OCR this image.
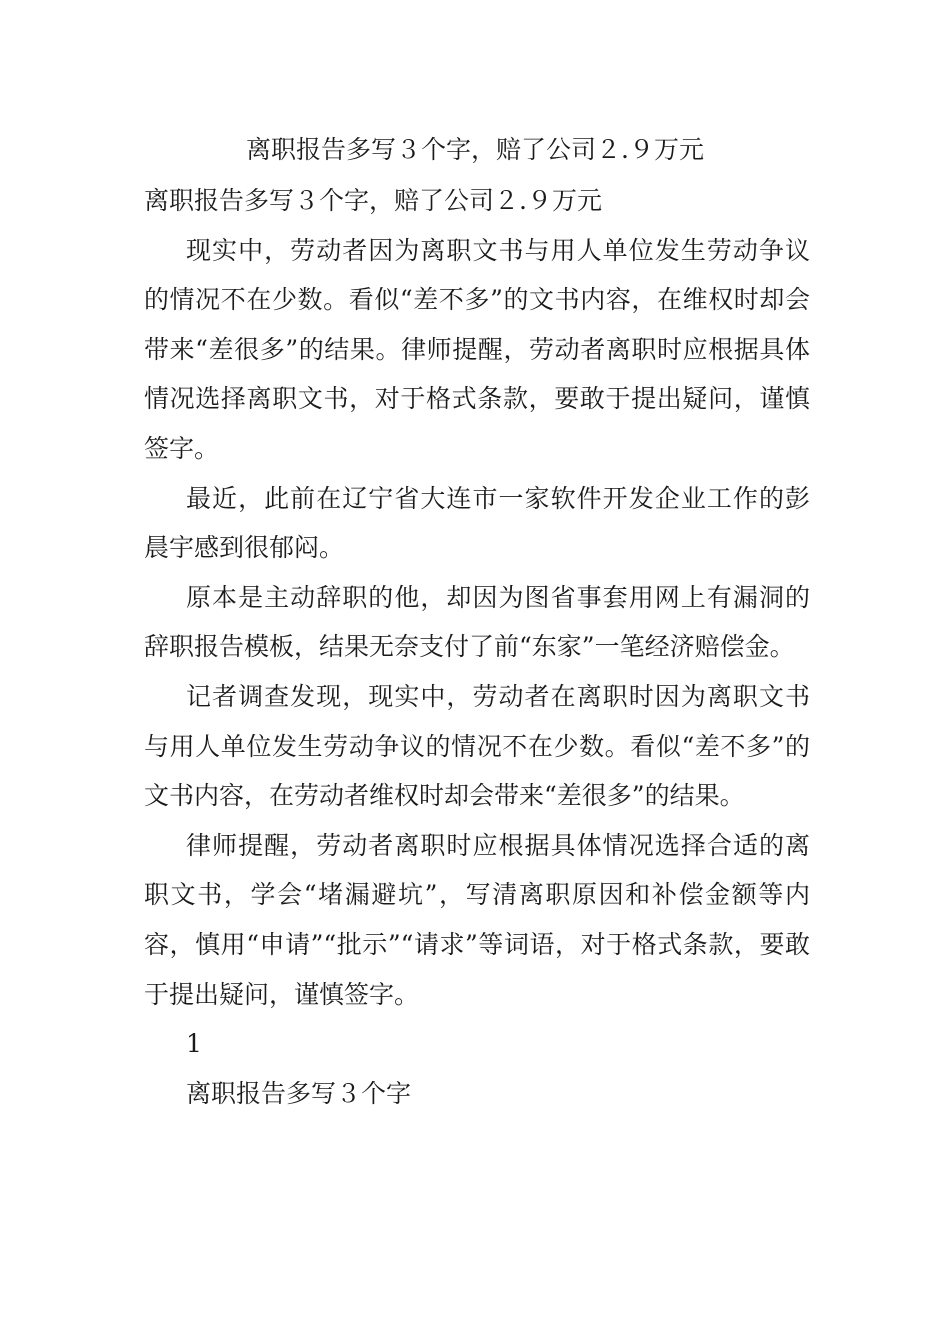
离职报告多写３个字，赔了公司２.９万元

离职报告多写３个字，赔了公司２.９万元

现实中，劳动者因为离职文书与用人单位发生劳动争议的情况不在少数。看似“差不多”的文书内容，在维权时却会带来“差很多”的结果。律师提醒，劳动者离职时应根据具体情况选择离职文书，对于格式条款，要敢于提出疑问，谨慎签字。

最近，此前在辽宁省大连市一家软件开发企业工作的彭晨宇感到很郁闷。

原本是主动辞职的他，却因为图省事套用网上有漏洞的辞职报告模板，结果无奈支付了前“东家”一笔经济赔偿金。

记者调查发现，现实中，劳动者在离职时因为离职文书与用人单位发生劳动争议的情况不在少数。看似“差不多”的文书内容，在劳动者维权时却会带来“差很多”的结果。

律师提醒，劳动者离职时应根据具体情况选择合适的离职文书，学会“堵漏避坑”，写清离职原因和补偿金额等内容，慎用“申请”“批示”“请求”等词语，对于格式条款，要敢于提出疑问，谨慎签字。

1

离职报告多写３个字
